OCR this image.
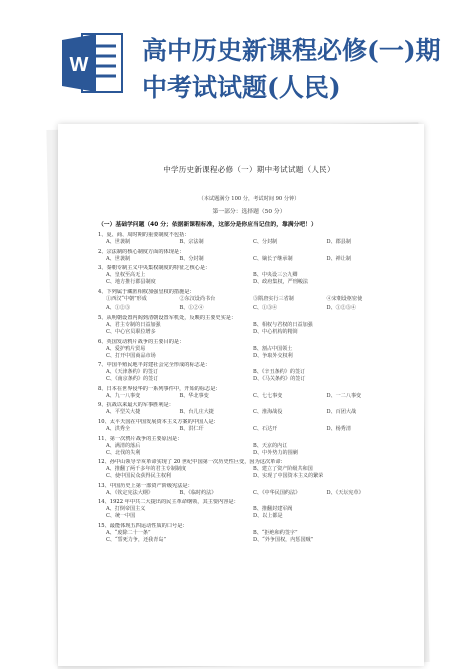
W 高中历史新课程必修(一)期中考试试题(人民)
中学历史新课程必修（一）期中考试试题（人民）
（本试题满分 100 分，考试时间 90 分钟）
第一部分：选择题（50 分）
（一）基础学问题（40 分；依据新课程标准，这部分是你应当记住的，靠满分吧！）
1、夏、商、周时期的重要制度不包括：
A、世袭制	B、宗法制	C、分封制	D、郡县制
2、宗法制的核心制度方面的体现是：
A、世袭制	B、分封制	C、嫡长子继承制	D、禅让制
3、秦朝专制主义中央集权制度的特征之核心是：
A、皇权至高无上	B、中央设三公九卿
C、地方推行郡县制度	D、政府集权，严刑峻法
4、下列属于藏匿相权加强皇权的措施是：
①西汉“中朝”形成	②东汉设尚书台	③隋唐实行三省制	④宋朝设枢密使
A、①②③	B、①②④	C、①③④	D、①②③④
5、从明朝设置内阁到清朝设置军机处，反映的主要史实是：
A、君主专制的日益加强	B、相权与君权的日益加强
C、中心官员职位增多	D、中心机构的精简
6、英国发动鸦片战争的主要目的是：
A、爱护鸦片贸易	B、割占中国领土
C、打开中国商品市场	D、争取外交权利
7、中国半殖民地半封建社会完全形成的标志是：
A、《天津条约》的签订	B、《辛丑条约》的签订
C、《南京条约》的签订	D、《马关条约》的签订
8、日本在世界侵华的一系列事件中，开始的标志是：
A、九一八事变	B、华北事变	C、七七事变	D、一二八事变
9、抗战以来最大的军事胜利是：
A、平型关大捷	B、台儿庄大捷	C、淮海战役	D、百团大战
10、太平天国在中国发展资本主义方案的中国人是：
A、洪秀全	B、洪仁玕	C、石达开	D、杨秀清
11、第一次鸦片战争的主要原因是：
A、满清的落后	B、天京的内讧
C、北伐的失利	D、中外势力的围剿
12、孙中山领导辛亥革命实现了 20 世纪中国第一次历史性巨变，因为这次革命：
A、推翻了两千多年的君主专制制度	B、建立了资产阶级共和国
C、使中国民众获得民主权利	D、实现了中国资本主义的繁荣
13、中国历史上第一部资产阶级宪法是：
A、《钦定宪法大纲》	B、《临时约法》	C、《中华民国约法》	D、《天坛宪草》
14、1922 年中共二大提出的民主革命纲领，其主要内容是：
A、打倒帝国主义	B、推翻封建军阀
C、统一中国	D、以上都是
15、最能体现五四运动性质的口号是：
A、“废除二十一条”	B、“拒绝和约签字”
C、“誓死力争，还我青岛”	D、“外争国权，内惩国贼”
